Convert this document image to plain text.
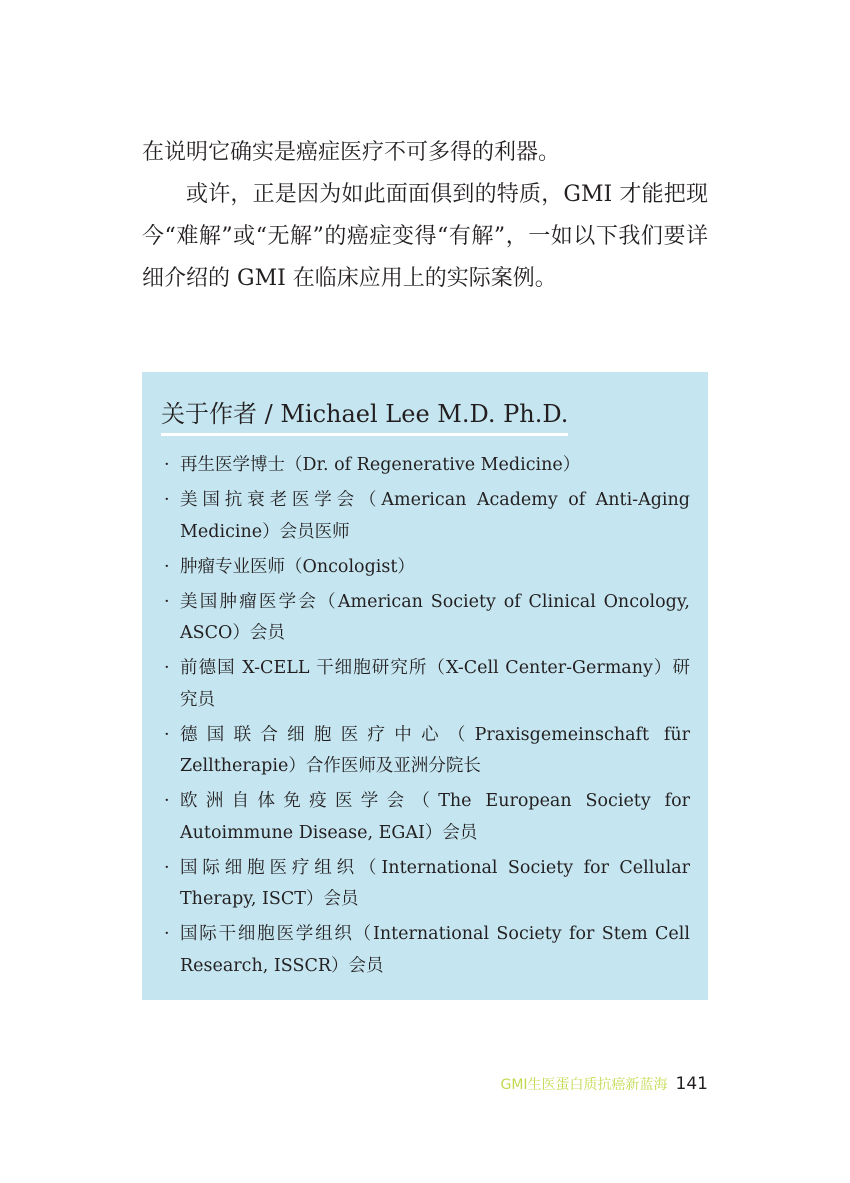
在说明它确实是癌症医疗不可多得的利器。

或许，正是因为如此面面俱到的特质，GMI 才能把现今“难解”或“无解”的癌症变得“有解”，一如以下我们要详细介绍的 GMI 在临床应用上的实际案例。

关于作者 / Michael Lee M.D. Ph.D.
· 再生医学博士（Dr. of Regenerative Medicine）
· 美国抗衰老医学会（American Academy of Anti-Aging Medicine）会员医师
· 肿瘤专业医师（Oncologist）
· 美国肿瘤医学会（American Society of Clinical Oncology, ASCO）会员
· 前德国 X-CELL 干细胞研究所（X-Cell Center-Germany）研究员
· 德国联合细胞医疗中心（Praxisgemeinschaft für Zelltherapie）合作医师及亚洲分院长
· 欧洲自体免疫医学会（The European Society for Autoimmune Disease, EGAI）会员
· 国际细胞医疗组织（International Society for Cellular Therapy, ISCT）会员
· 国际干细胞医学组织（International Society for Stem Cell Research, ISSCR）会员
GMI生医蛋白质抗癌新蓝海 141
